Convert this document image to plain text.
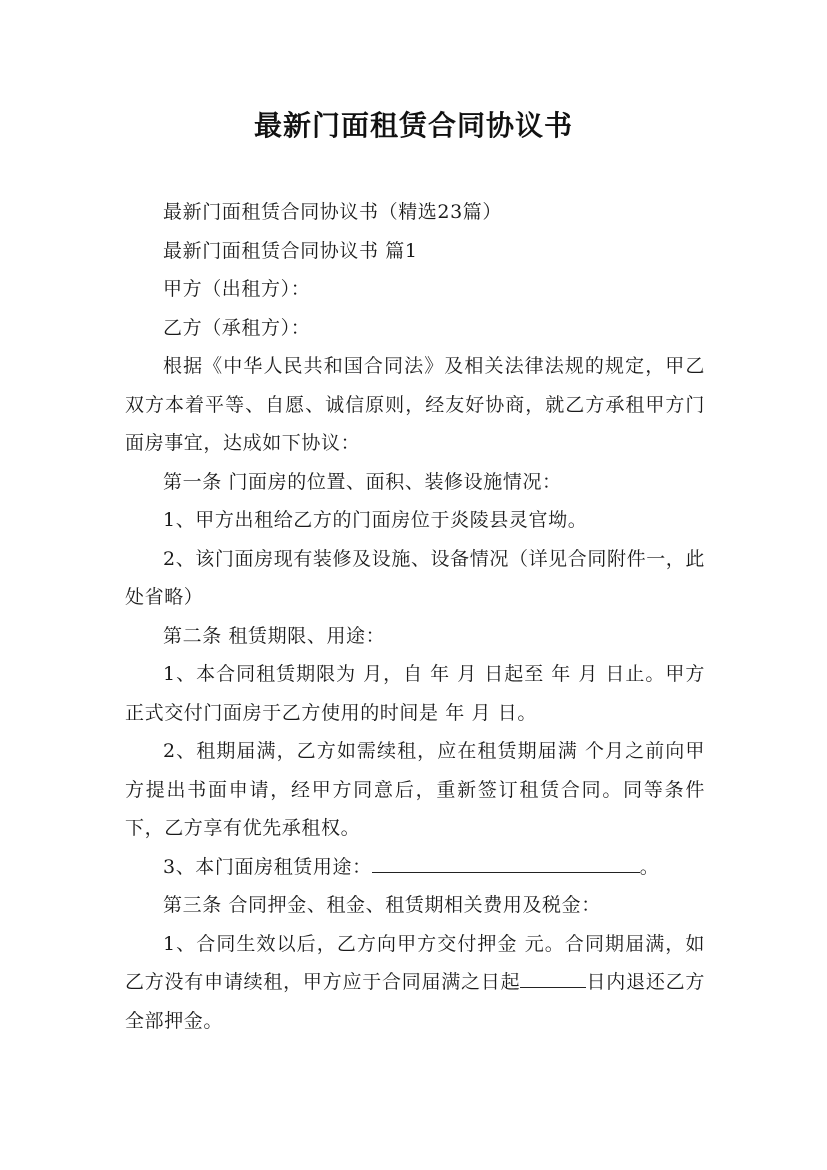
最新门面租赁合同协议书

最新门面租赁合同协议书（精选23篇）

最新门面租赁合同协议书 篇1

甲方（出租方）：

乙方（承租方）：

根据《中华人民共和国合同法》及相关法律法规的规定，甲乙双方本着平等、自愿、诚信原则，经友好协商，就乙方承租甲方门面房事宜，达成如下协议：

第一条 门面房的位置、面积、装修设施情况：

1、甲方出租给乙方的门面房位于炎陵县灵官坳。

2、该门面房现有装修及设施、设备情况（详见合同附件一，此处省略）

第二条 租赁期限、用途：

1、本合同租赁期限为 月，自 年 月 日起至 年 月 日止。甲方正式交付门面房于乙方使用的时间是 年 月 日。

2、租期届满，乙方如需续租，应在租赁期届满 个月之前向甲方提出书面申请，经甲方同意后，重新签订租赁合同。同等条件下，乙方享有优先承租权。

3、本门面房租赁用途：	。

第三条 合同押金、租金、租赁期相关费用及税金：

1、合同生效以后，乙方向甲方交付押金 元。合同期届满，如乙方没有申请续租，甲方应于合同届满之日起	日内退还乙方全部押金。
